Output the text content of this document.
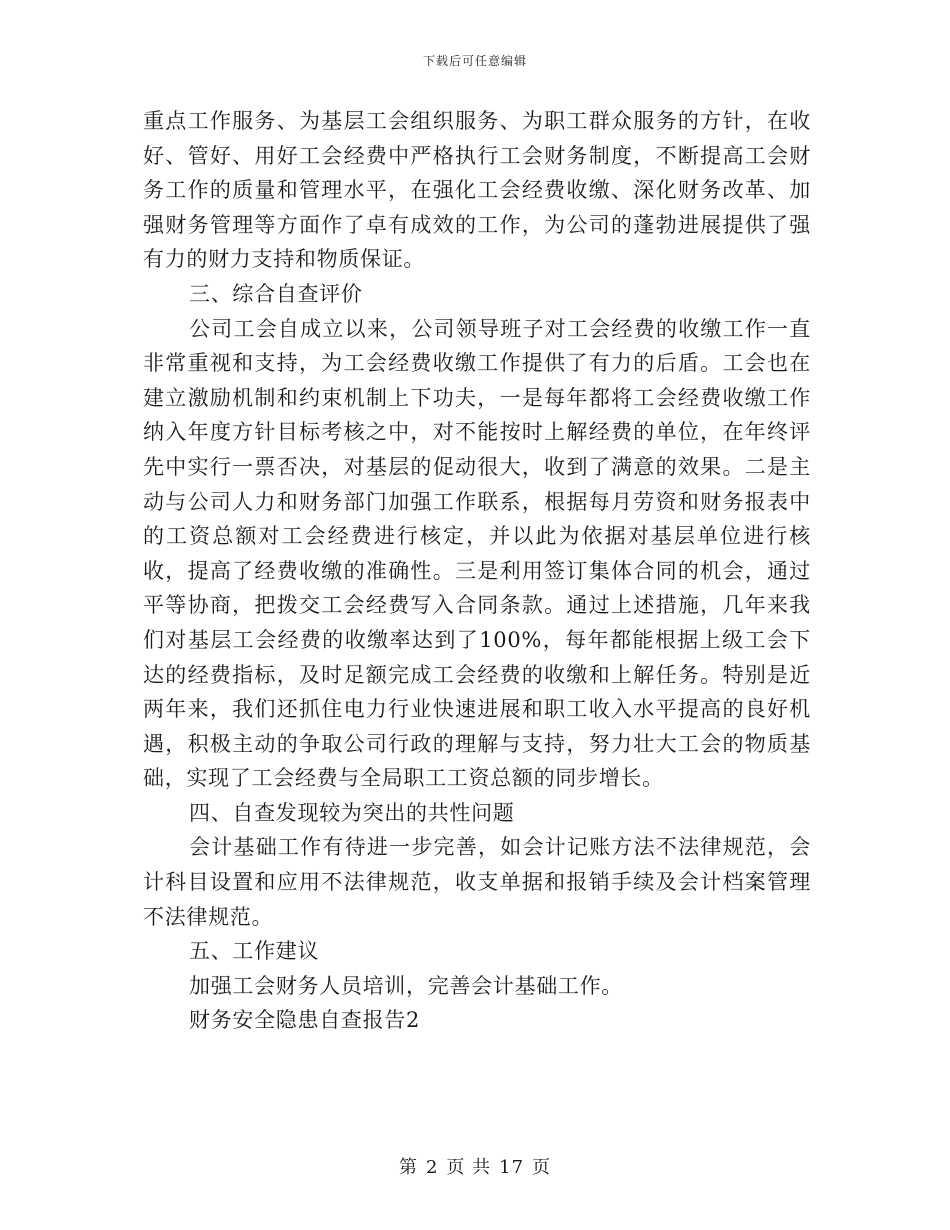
下载后可任意编辑

重点工作服务、为基层工会组织服务、为职工群众服务的方针，在收好、管好、用好工会经费中严格执行工会财务制度，不断提高工会财务工作的质量和管理水平，在强化工会经费收缴、深化财务改革、加强财务管理等方面作了卓有成效的工作，为公司的蓬勃进展提供了强有力的财力支持和物质保证。

三、综合自查评价

公司工会自成立以来，公司领导班子对工会经费的收缴工作一直非常重视和支持，为工会经费收缴工作提供了有力的后盾。工会也在建立激励机制和约束机制上下功夫，一是每年都将工会经费收缴工作纳入年度方针目标考核之中，对不能按时上解经费的单位，在年终评先中实行一票否决，对基层的促动很大，收到了满意的效果。二是主动与公司人力和财务部门加强工作联系，根据每月劳资和财务报表中的工资总额对工会经费进行核定，并以此为依据对基层单位进行核收，提高了经费收缴的准确性。三是利用签订集体合同的机会，通过平等协商，把拨交工会经费写入合同条款。通过上述措施，几年来我们对基层工会经费的收缴率达到了100%，每年都能根据上级工会下达的经费指标，及时足额完成工会经费的收缴和上解任务。特别是近两年来，我们还抓住电力行业快速进展和职工收入水平提高的良好机遇，积极主动的争取公司行政的理解与支持，努力壮大工会的物质基础，实现了工会经费与全局职工工资总额的同步增长。

四、自查发现较为突出的共性问题

会计基础工作有待进一步完善，如会计记账方法不法律规范，会计科目设置和应用不法律规范，收支单据和报销手续及会计档案管理不法律规范。

五、工作建议

加强工会财务人员培训，完善会计基础工作。

财务安全隐患自查报告2

第 2 页 共 17 页
